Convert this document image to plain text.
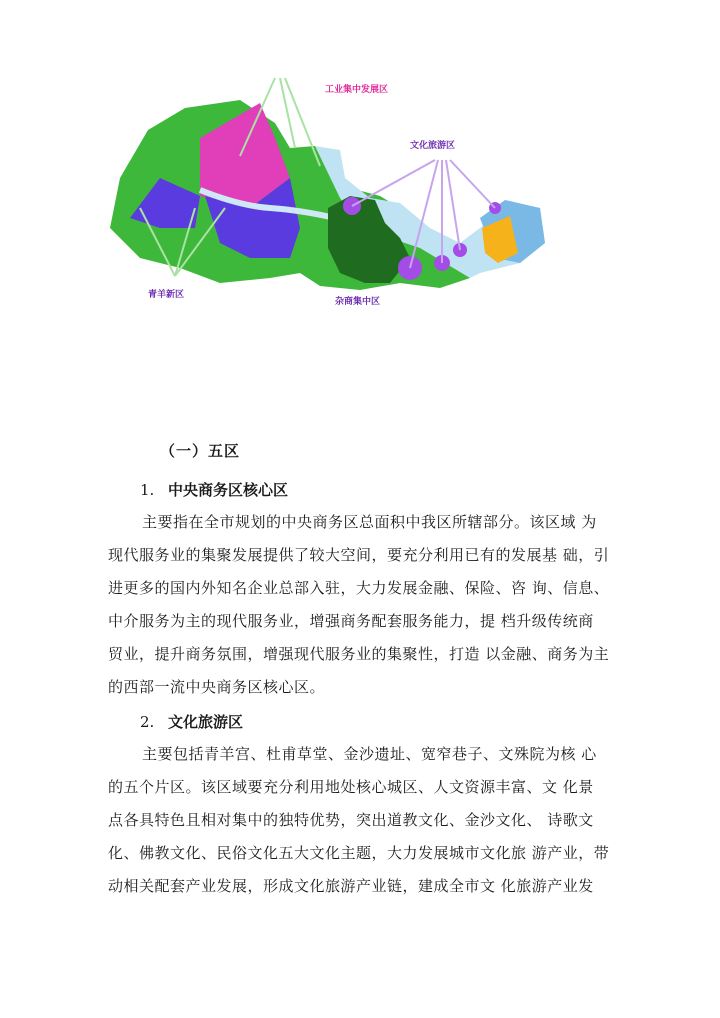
工业集中发展区
文化旅游区
青羊新区
文殊院
杂商集中区
（一）五区
1. 中央商务区核心区
主要指在全市规划的中央商务区总面积中我区所辖部分。该区域 为
现代服务业的集聚发展提供了较大空间，要充分利用已有的发展基 础，引
进更多的国内外知名企业总部入驻，大力发展金融、保险、咨 询、信息、
中介服务为主的现代服务业，增强商务配套服务能力，提 档升级传统商
贸业，提升商务氛围，增强现代服务业的集聚性，打造 以金融、商务为主
的西部一流中央商务区核心区。
2. 文化旅游区
主要包括青羊宫、杜甫草堂、金沙遗址、宽窄巷子、文殊院为核 心
的五个片区。该区域要充分利用地处核心城区、人文资源丰富、文 化景
点各具特色且相对集中的独特优势，突出道教文化、金沙文化、 诗歌文
化、佛教文化、民俗文化五大文化主题，大力发展城市文化旅 游产业，带
动相关配套产业发展，形成文化旅游产业链，建成全市文 化旅游产业发
